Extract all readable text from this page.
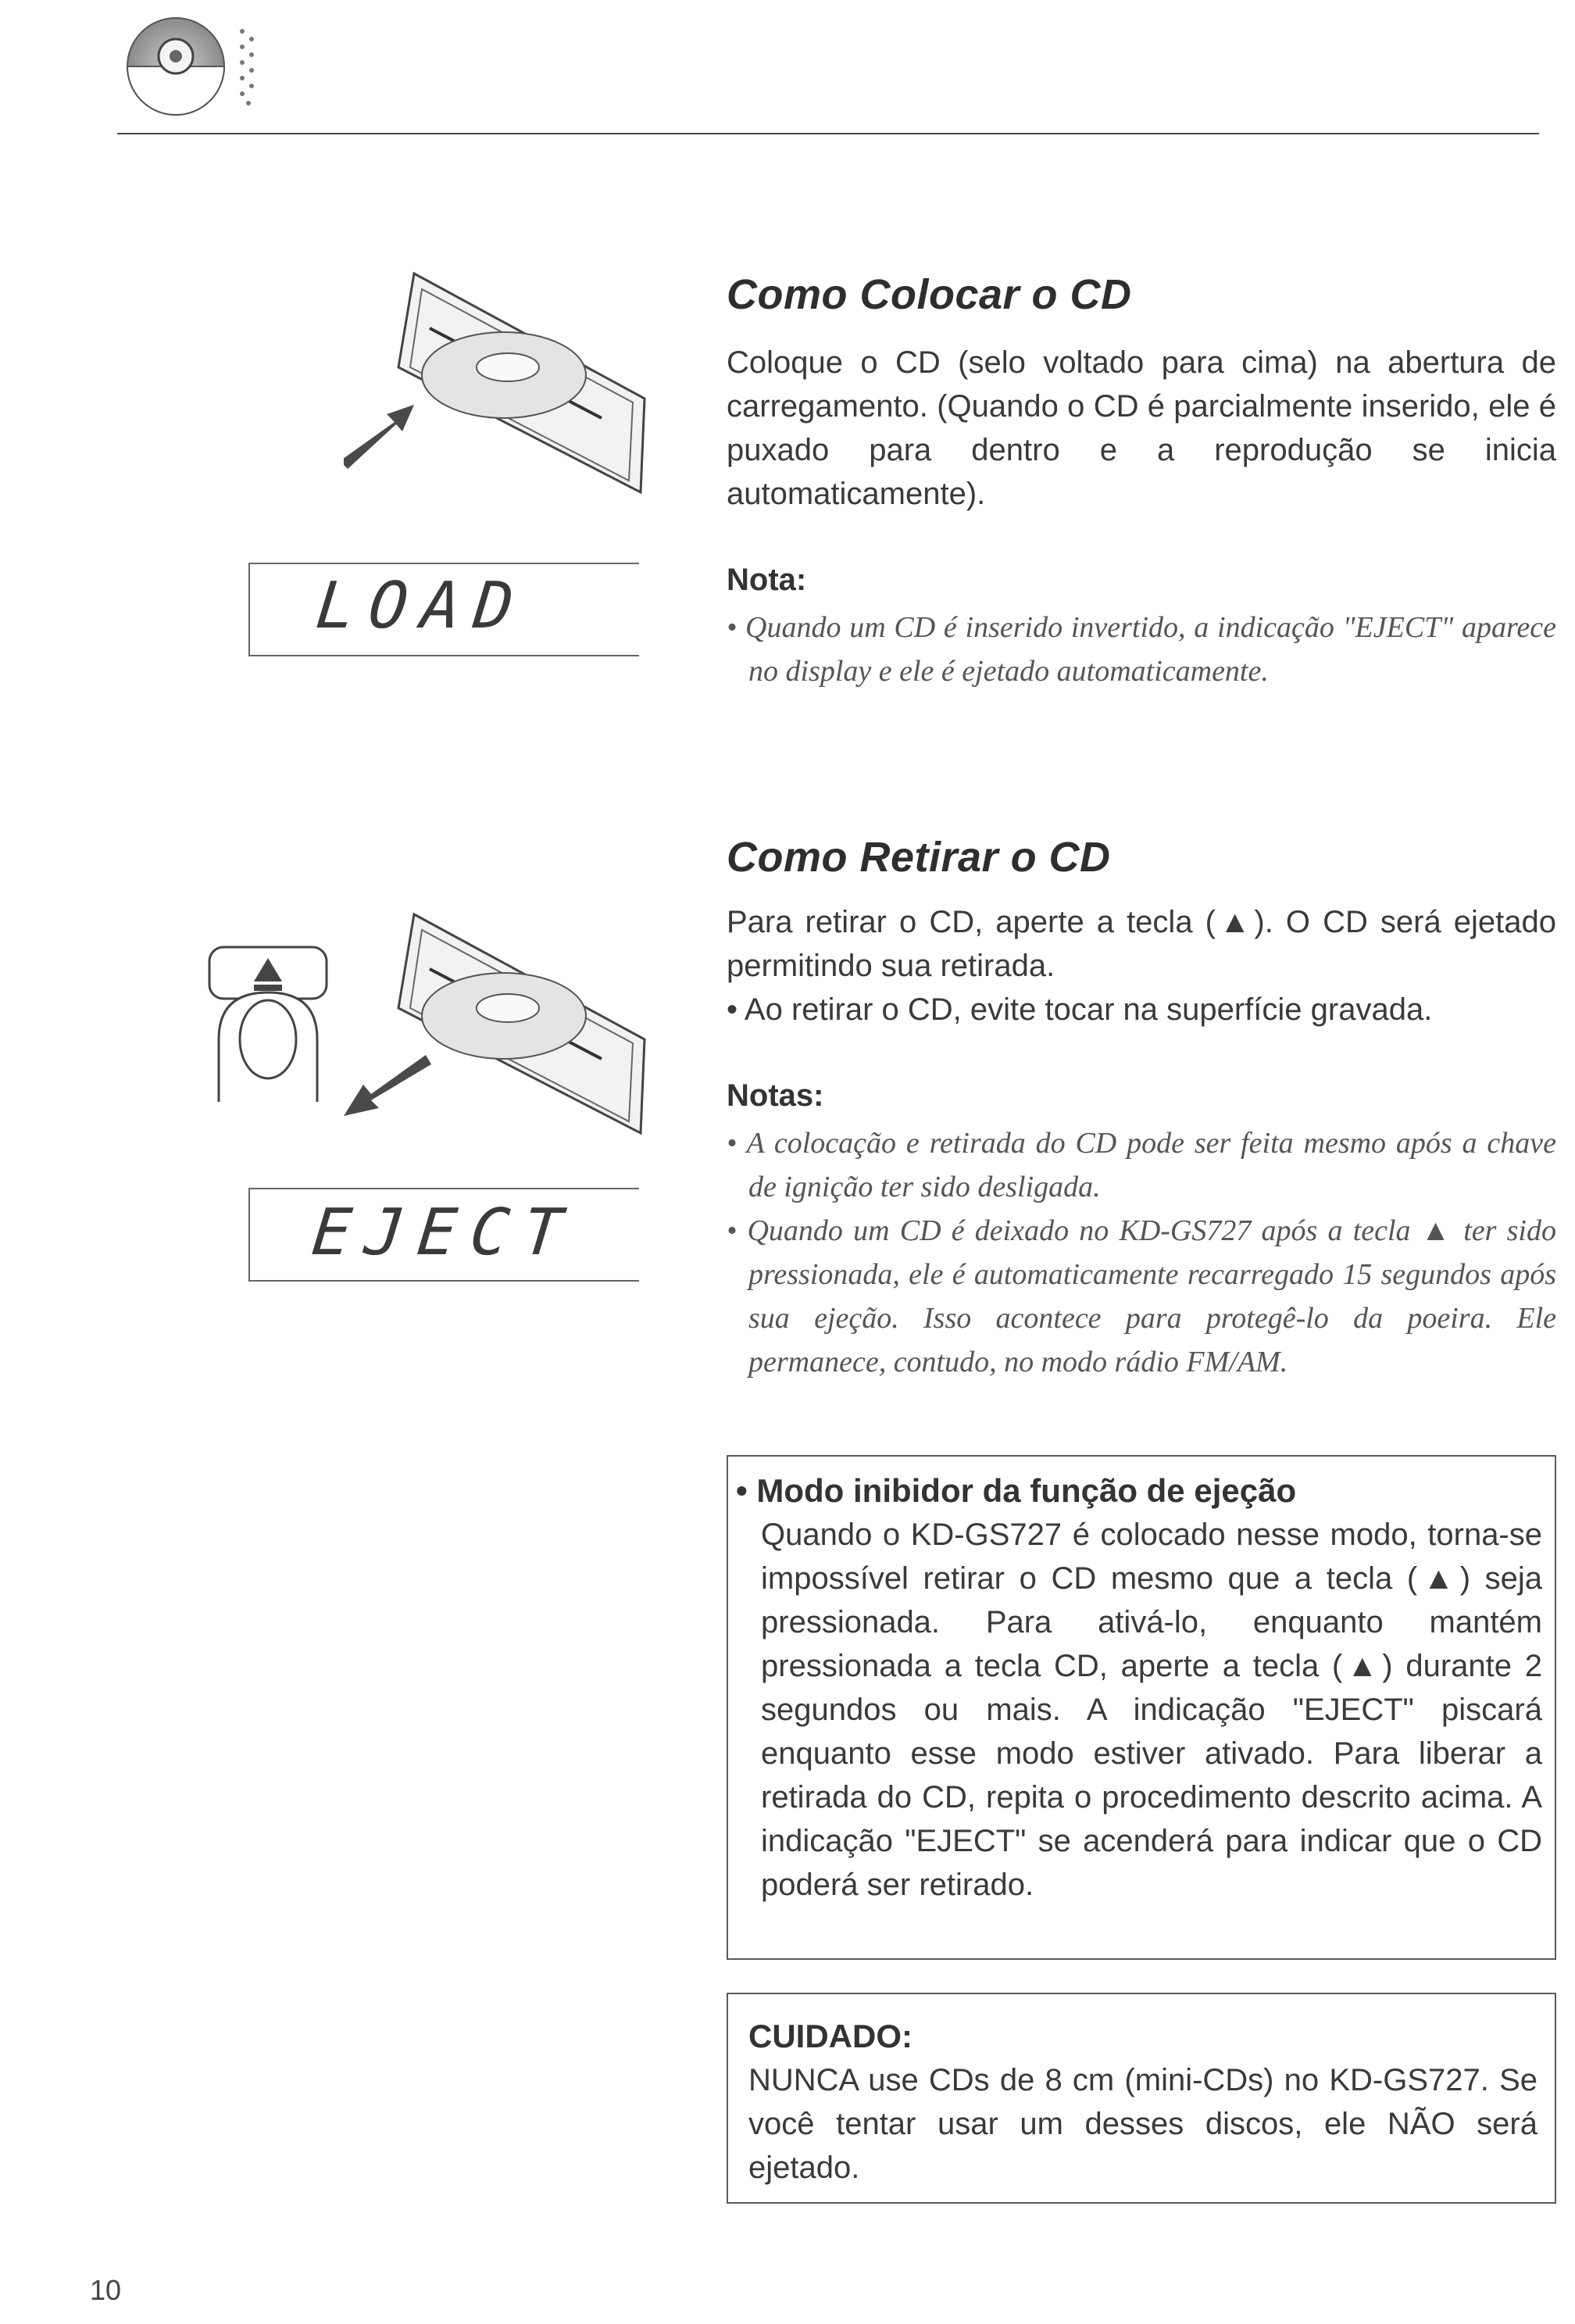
LOAD
Como Colocar o CD
Coloque o CD (selo voltado para cima) na abertura de carregamento. (Quando o CD é parcialmente inserido, ele é puxado para dentro e a reprodução se inicia automaticamente).
Nota:
• Quando um CD é inserido invertido, a indicação "EJECT" aparece no display e ele é ejetado automaticamente.
EJECT
Como Retirar o CD
Para retirar o CD, aperte a tecla (▲). O CD será ejetado permitindo sua retirada.
• Ao retirar o CD, evite tocar na superfície gravada.
Notas:
• A colocação e retirada do CD pode ser feita mesmo após a chave de ignição ter sido desligada.
• Quando um CD é deixado no KD-GS727 após a tecla ▲ ter sido pressionada, ele é automaticamente recarregado 15 segundos após sua ejeção. Isso acontece para protegê-lo da poeira. Ele permanece, contudo, no modo rádio FM/AM.
• Modo inibidor da função de ejeção
Quando o KD-GS727 é colocado nesse modo, torna-se impossível retirar o CD mesmo que a tecla (▲) seja pressionada. Para ativá-lo, enquanto mantém pressionada a tecla CD, aperte a tecla (▲) durante 2 segundos ou mais. A indicação "EJECT" piscará enquanto esse modo estiver ativado. Para liberar a retirada do CD, repita o procedimento descrito acima. A indicação "EJECT" se acenderá para indicar que o CD poderá ser retirado.
CUIDADO:
NUNCA use CDs de 8 cm (mini-CDs) no KD-GS727. Se você tentar usar um desses discos, ele NÃO será ejetado.
10
